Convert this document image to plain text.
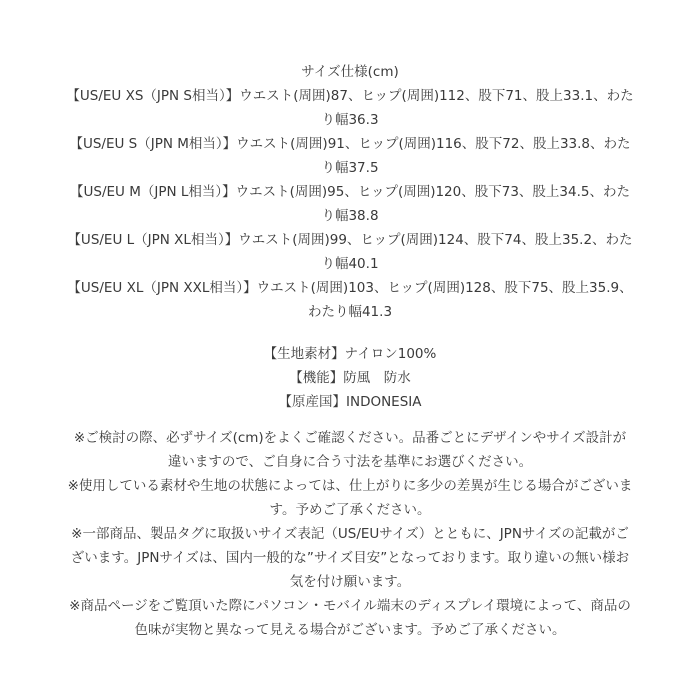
サイズ仕様(cm)
【US/EU XS（JPN S相当）】ウエスト(周囲)87、ヒップ(周囲)112、股下71、股上33.1、わた
り幅36.3
【US/EU S（JPN M相当）】ウエスト(周囲)91、ヒップ(周囲)116、股下72、股上33.8、わた
り幅37.5
【US/EU M（JPN L相当）】ウエスト(周囲)95、ヒップ(周囲)120、股下73、股上34.5、わた
り幅38.8
【US/EU L（JPN XL相当）】ウエスト(周囲)99、ヒップ(周囲)124、股下74、股上35.2、わた
り幅40.1
【US/EU XL（JPN XXL相当）】ウエスト(周囲)103、ヒップ(周囲)128、股下75、股上35.9、
わたり幅41.3
【生地素材】ナイロン100%
【機能】防風　防水
【原産国】INDONESIA
※ご検討の際、必ずサイズ(cm)をよくご確認ください。品番ごとにデザインやサイズ設計が
違いますので、ご自身に合う寸法を基準にお選びください。
※使用している素材や生地の状態によっては、仕上がりに多少の差異が生じる場合がございま
す。予めご了承ください。
※一部商品、製品タグに取扱いサイズ表記（US/EUサイズ）とともに、JPNサイズの記載がご
ざいます。JPNサイズは、国内一般的な”サイズ目安”となっております。取り違いの無い様お
気を付け願います。
※商品ページをご覧頂いた際にパソコン・モバイル端末のディスプレイ環境によって、商品の
色味が実物と異なって見える場合がございます。予めご了承ください。
